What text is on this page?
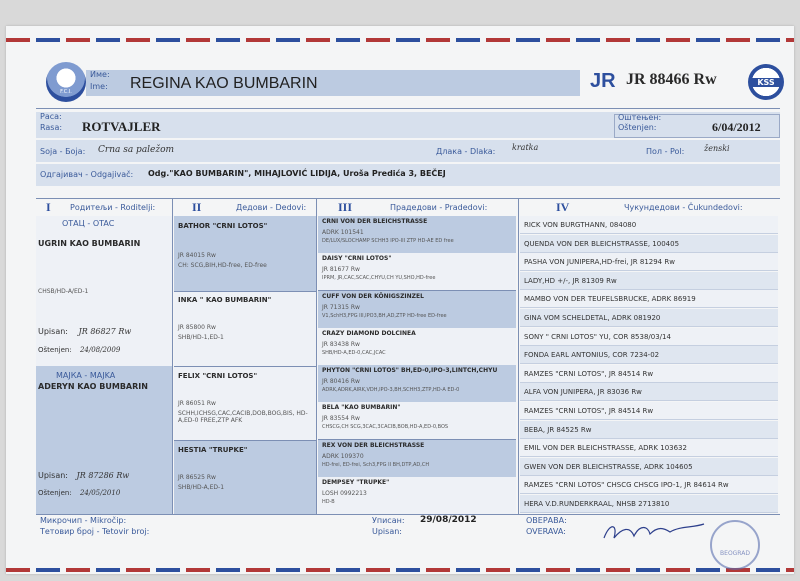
F.C.I.
Име:
Ime: REGINA KAO BUMBARIN	JR JR 88466 Rw	KSS
Раса:
Rasa: ROTVAJLER
Оштењен:
Oštenjen:	6/04/2012
Soja - Боја: Crna sa paležom	Длака - Dlaka: kratka	Пол - Pol: ženski
Одгајивач - Odgajivač: Odg."KAO BUMBARIN", MIHAJLOVIĆ LIDIJA, Uroša Predića 3, BEČEJ
I Родитељи - Roditelji:	II	Дедови - Dedovi:	III	Прадедови - Pradedovi:	IV	Чукундедови - Čukundedovi:
ОТАЦ - OTAC
UGRIN KAO BUMBARIN
CHSB/HD-A/ED-1
Upisan: JR 86827 Rw
Oštenjen: 24/08/2009
МАЈКА - MAJKA
ADERYN KAO BUMBARIN
Upisan: JR 87286 Rw
Oštenjen: 24/05/2010
BATHOR "CRNI LOTOS"
JR 84015 Rw
CH: SCG,BIH,HD-free, ED-free
INKA " KAO BUMBARIN"
JR 85800 Rw
SHB/HD-1,ED-1
FELIX "CRNI LOTOS"
JR 86051 Rw
SCHH,ICHSG,CAC,CACIB,DOB,BOG,BIS, HD-A,ED-0 FREE,ZTP AFK
HESTIA "TRUPKE"
JR 86525 Rw
SHB/HD-A,ED-1
CRNI VON DER BLEICHSTRASSE
ADRK 101541
DE/LUX/SLOCHAMP SCHH3 IPO-III ZTP HD-AE ED free
DAISY "CRNI LOTOS"
JR 81677 Rw
IPRM, JR,CAC,SCAC,CHYU,CH YU,SHO,HD-free
CUFF VON DER KÖNIGSZINZEL
JR 71315 Rw
V1,SchH3,FPG III,IPO3,BH,AD,ZTP HD-free ED-free
CRAZY DIAMOND DOLCINEA
JR 83438 Rw
SHB/HD-A,ED-0,CAC,JCAC
PHYTON "CRNI LOTOS" BH,ED-0,IPO-3,LINTCH,CHYU
JR 80416 Rw
ADRK,ADRK,AIRK,VDH,IPO-3,BH,SCHH3,ZTP,HD-A ED-0
BELA "KAO BUMBARIN"
JR 83554 Rw
CHSCG,CH SCG,3CAC,3CACIB,BOB,HD-A,ED-0,BOS
REX VON DER BLEICHSTRASSE
ADRK 109370
HD-frei, ED-frei, Sch3,FPG II BH,DTP,AD,CH
DEMPSEY "TRUPKE"
LOSH 0992213
HD-B
RICK VON BURGTHANN, 084080
QUENDA VON DER BLEICHSTRASSE, 100405
PASHA VON JUNIPERA,HD-frei, JR 81294 Rw
LADY,HD +/-, JR 81309 Rw
MAMBO VON DER TEUFELSBRUCKE, ADRK 86919
GINA VOM SCHELDETAL, ADRK 081920
SONY " CRNI LOTOS" YU, COR 8538/03/14
FONDA EARL ANTONIUS, COR 7234-02
RAMZES "CRNI LOTOS", JR 84514 Rw
ALFA VON JUNIPERA, JR 83036 Rw
RAMZES "CRNI LOTOS", JR 84514 Rw
BEBA, JR 84525 Rw
EMIL VON DER BLEICHSTRASSE, ADRK 103632
GWEN VON DER BLEICHSTRASSE, ADRK 104605
RAMZES "CRNI LOTOS" CHSCG CHSCG IPO-1, JR 84614 Rw
HERA V.D.RUNDERKRAAL, NHSB 2713810
Микрочип - Mikročip:
Тетовир број - Tetovir broj:
Уписан:
Upisan:
29/08/2012	ОВЕРАВА:
OVERAVA:
BEOGRAD
